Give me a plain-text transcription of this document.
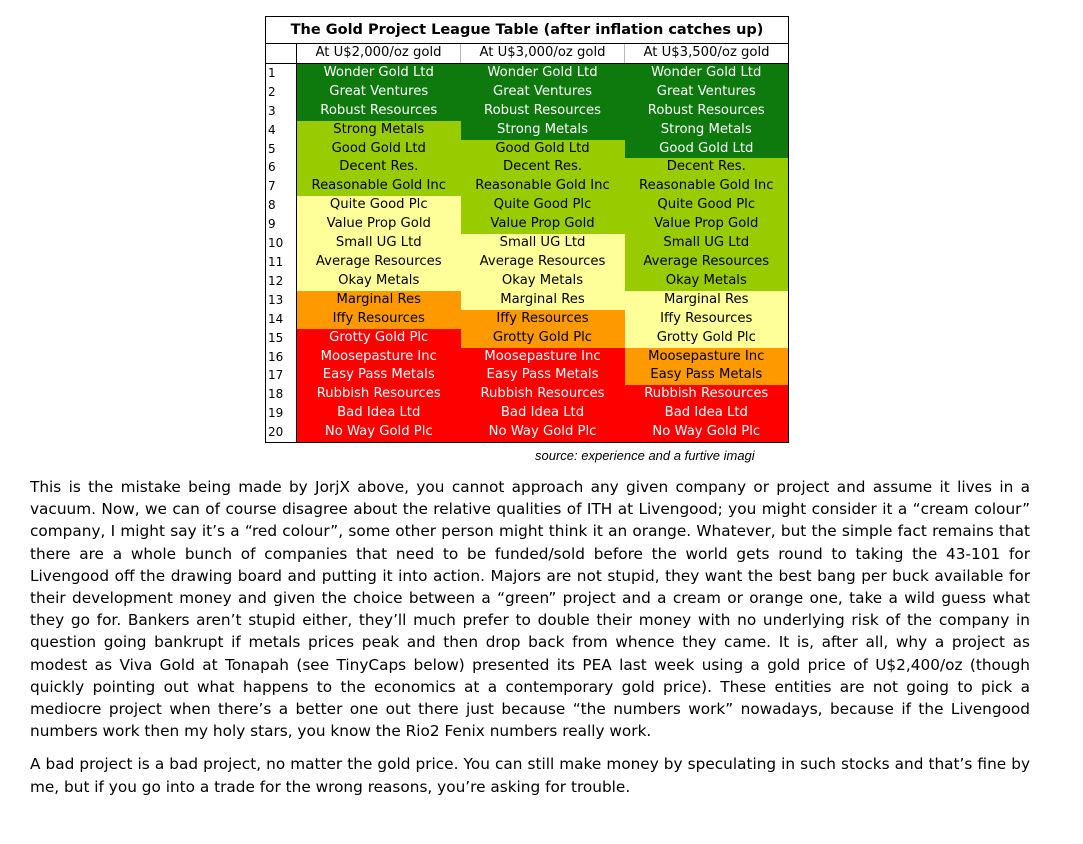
The Gold Project League Table (after inflation catches up)			
	At U$2,000/oz gold	At U$3,000/oz gold	At U$3,500/oz gold
1	Wonder Gold Ltd	Wonder Gold Ltd	Wonder Gold Ltd
2	Great Ventures	Great Ventures	Great Ventures
3	Robust Resources	Robust Resources	Robust Resources
4	Strong Metals	Strong Metals	Strong Metals
5	Good Gold Ltd	Good Gold Ltd	Good Gold Ltd
6	Decent Res.	Decent Res.	Decent Res.
7	Reasonable Gold Inc	Reasonable Gold Inc	Reasonable Gold Inc
8	Quite Good Plc	Quite Good Plc	Quite Good Plc
9	Value Prop Gold	Value Prop Gold	Value Prop Gold
10	Small UG Ltd	Small UG Ltd	Small UG Ltd
11	Average Resources	Average Resources	Average Resources
12	Okay Metals	Okay Metals	Okay Metals
13	Marginal Res	Marginal Res	Marginal Res
14	Iffy Resources	Iffy Resources	Iffy Resources
15	Grotty Gold Plc	Grotty Gold Plc	Grotty Gold Plc
16	Moosepasture Inc	Moosepasture Inc	Moosepasture Inc
17	Easy Pass Metals	Easy Pass Metals	Easy Pass Metals
18	Rubbish Resources	Rubbish Resources	Rubbish Resources
19	Bad Idea Ltd	Bad Idea Ltd	Bad Idea Ltd
20	No Way Gold Plc	No Way Gold Plc	No Way Gold Plc
source: experience and a furtive imagi

This is the mistake being made by JorjX above, you cannot approach any given company or project and assume it lives in a vacuum. Now, we can of course disagree about the relative qualities of ITH at Livengood; you might consider it a “cream colour” company, I might say it’s a “red colour”, some other person might think it an orange. Whatever, but the simple fact remains that there are a whole bunch of companies that need to be funded/sold before the world gets round to taking the 43-101 for Livengood off the drawing board and putting it into action. Majors are not stupid, they want the best bang per buck available for their development money and given the choice between a “green” project and a cream or orange one, take a wild guess what they go for. Bankers aren’t stupid either, they’ll much prefer to double their money with no underlying risk of the company in question going bankrupt if metals prices peak and then drop back from whence they came. It is, after all, why a project as modest as Viva Gold at Tonapah (see TinyCaps below) presented its PEA last week using a gold price of U$2,400/oz (though quickly pointing out what happens to the economics at a contemporary gold price). These entities are not going to pick a mediocre project when there’s a better one out there just because “the numbers work” nowadays, because if the Livengood numbers work then my holy stars, you know the Rio2 Fenix numbers really work.

A bad project is a bad project, no matter the gold price. You can still make money by speculating in such stocks and that’s fine by me, but if you go into a trade for the wrong reasons, you’re asking for trouble.
